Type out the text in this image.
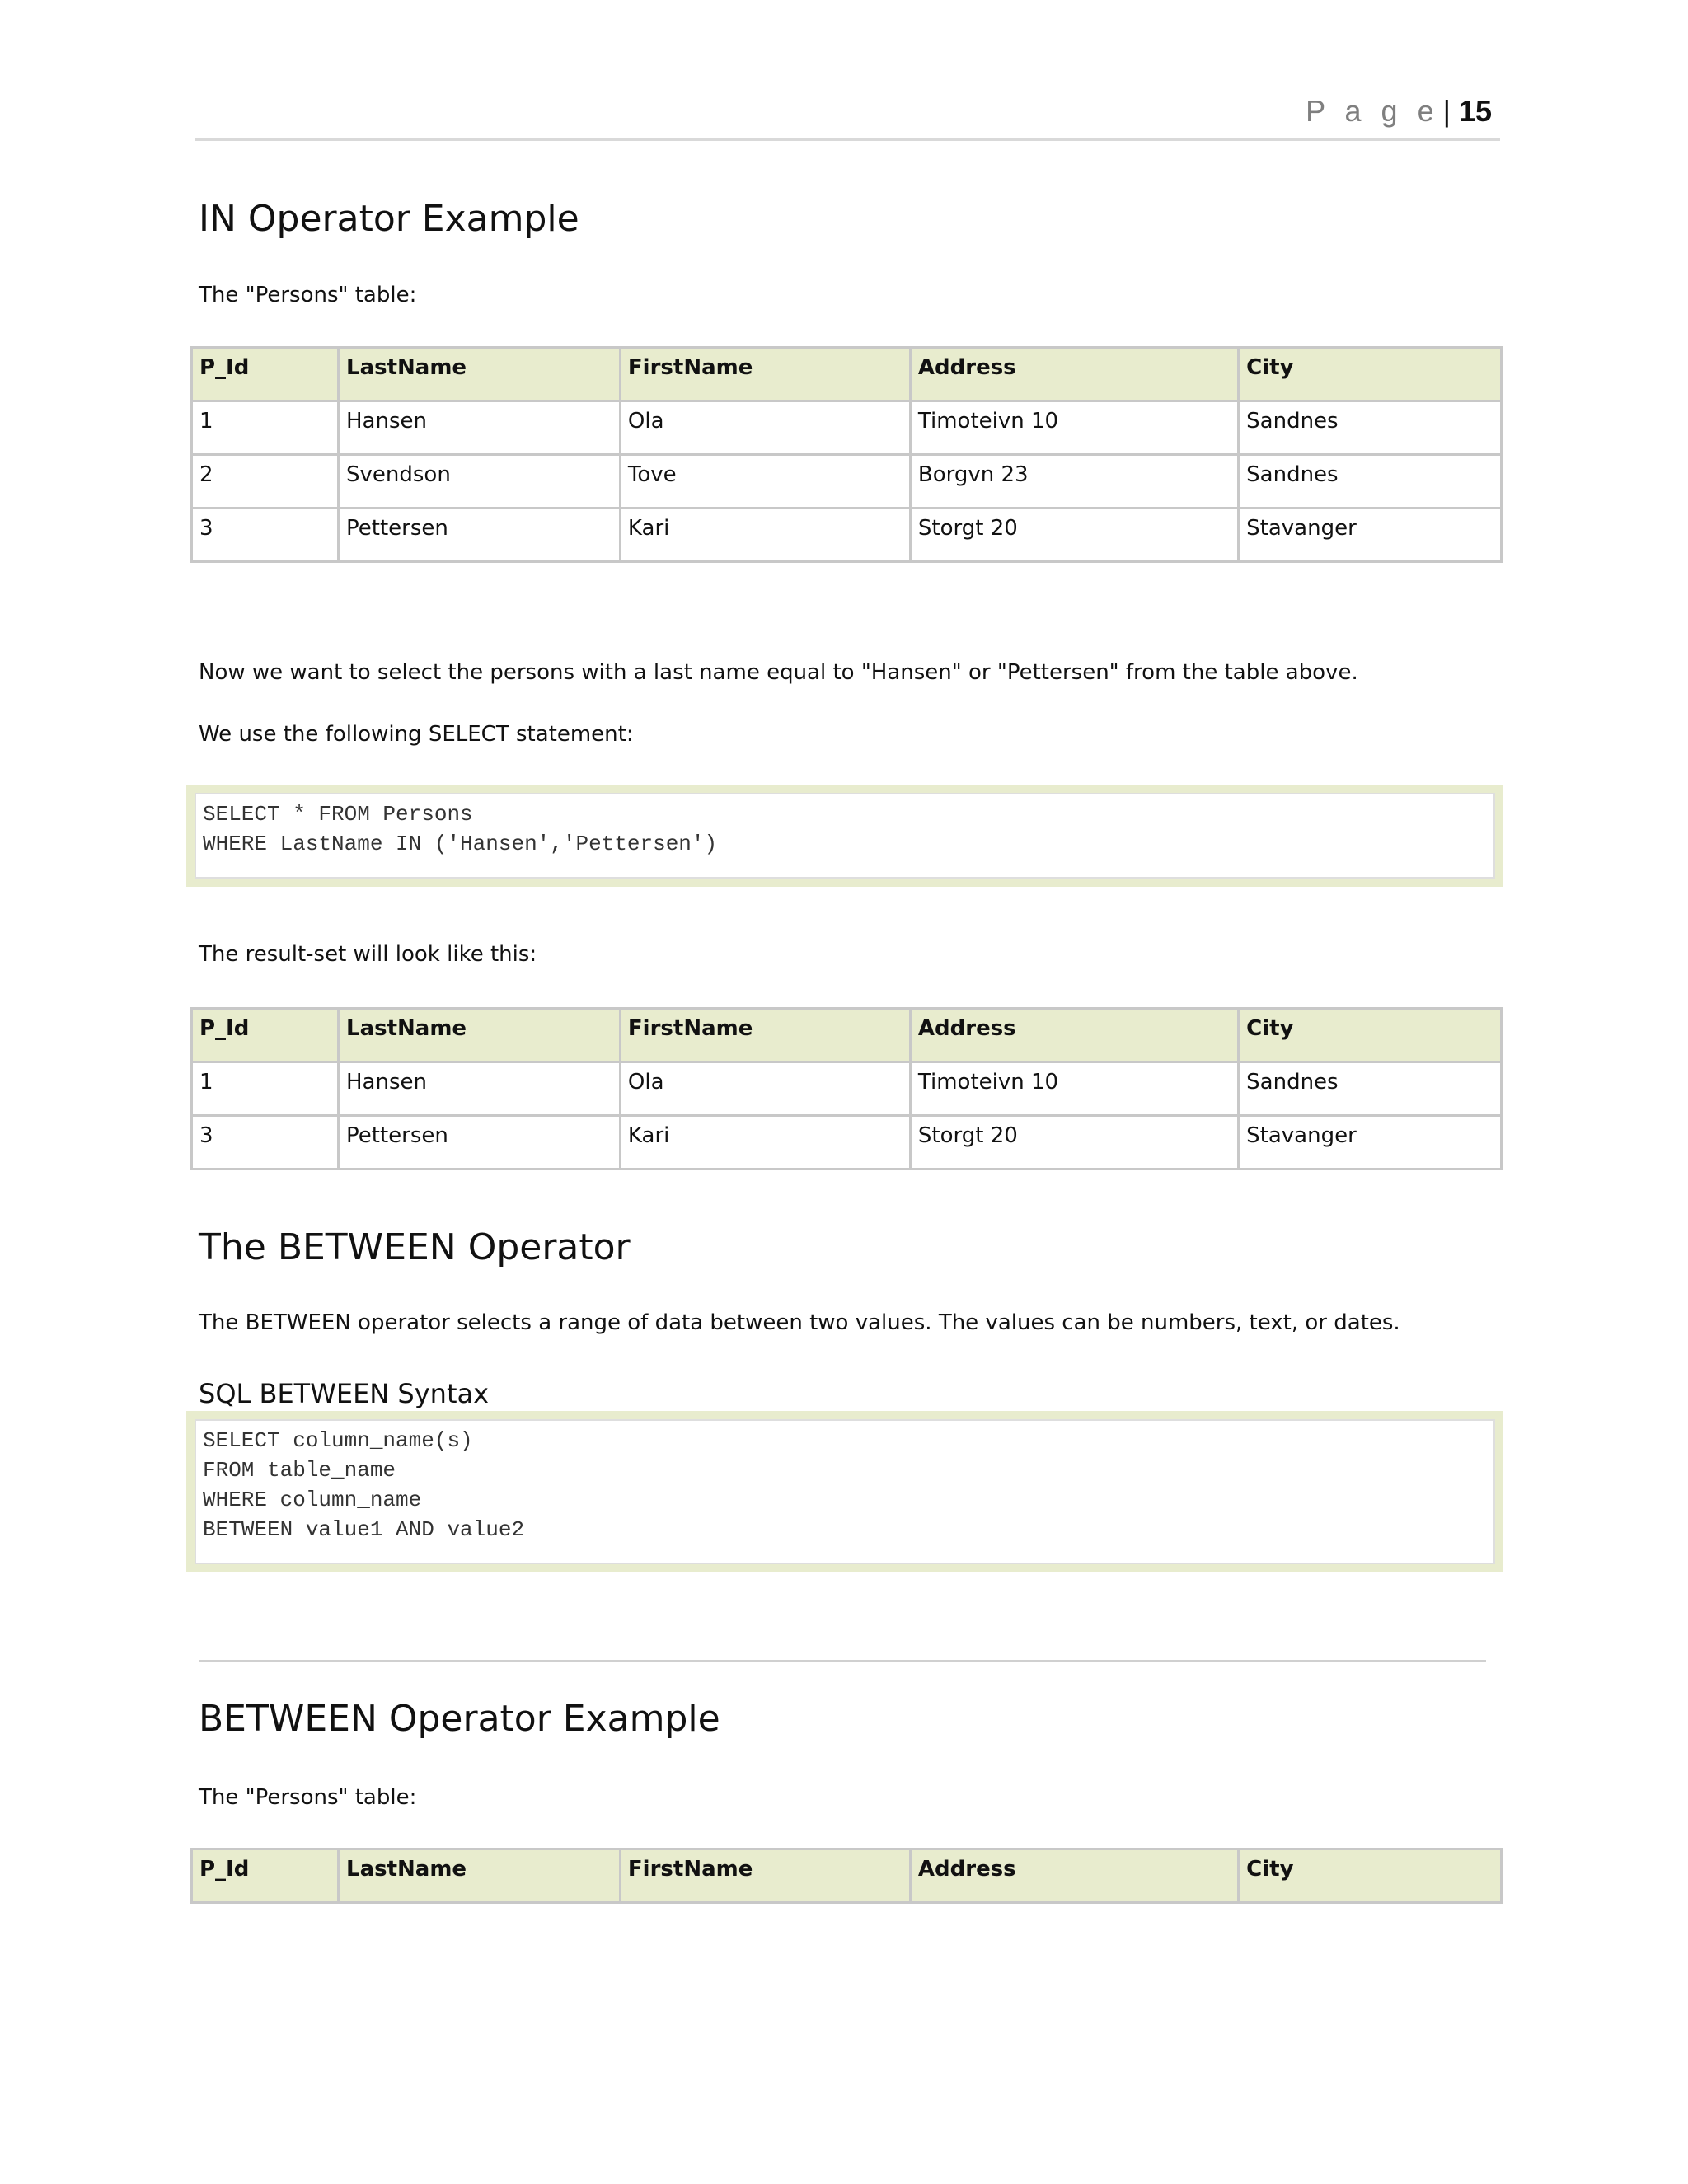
P a g e | 15
IN Operator Example

The "Persons" table:

P_Id	LastName	FirstName	Address	City
1	Hansen	Ola	Timoteivn 10	Sandnes
2	Svendson	Tove	Borgvn 23	Sandnes
3	Pettersen	Kari	Storgt 20	Stavanger

Now we want to select the persons with a last name equal to "Hansen" or "Pettersen" from the table above.

We use the following SELECT statement:

SELECT * FROM Persons
WHERE LastName IN ('Hansen','Pettersen')

The result-set will look like this:

P_Id	LastName	FirstName	Address	City
1	Hansen	Ola	Timoteivn 10	Sandnes
3	Pettersen	Kari	Storgt 20	Stavanger
The BETWEEN Operator

The BETWEEN operator selects a range of data between two values. The values can be numbers, text, or dates.

SQL BETWEEN Syntax
SELECT column_name(s)
FROM table_name
WHERE column_name
BETWEEN value1 AND value2
BETWEEN Operator Example

The "Persons" table:

P_Id	LastName	FirstName	Address	City
